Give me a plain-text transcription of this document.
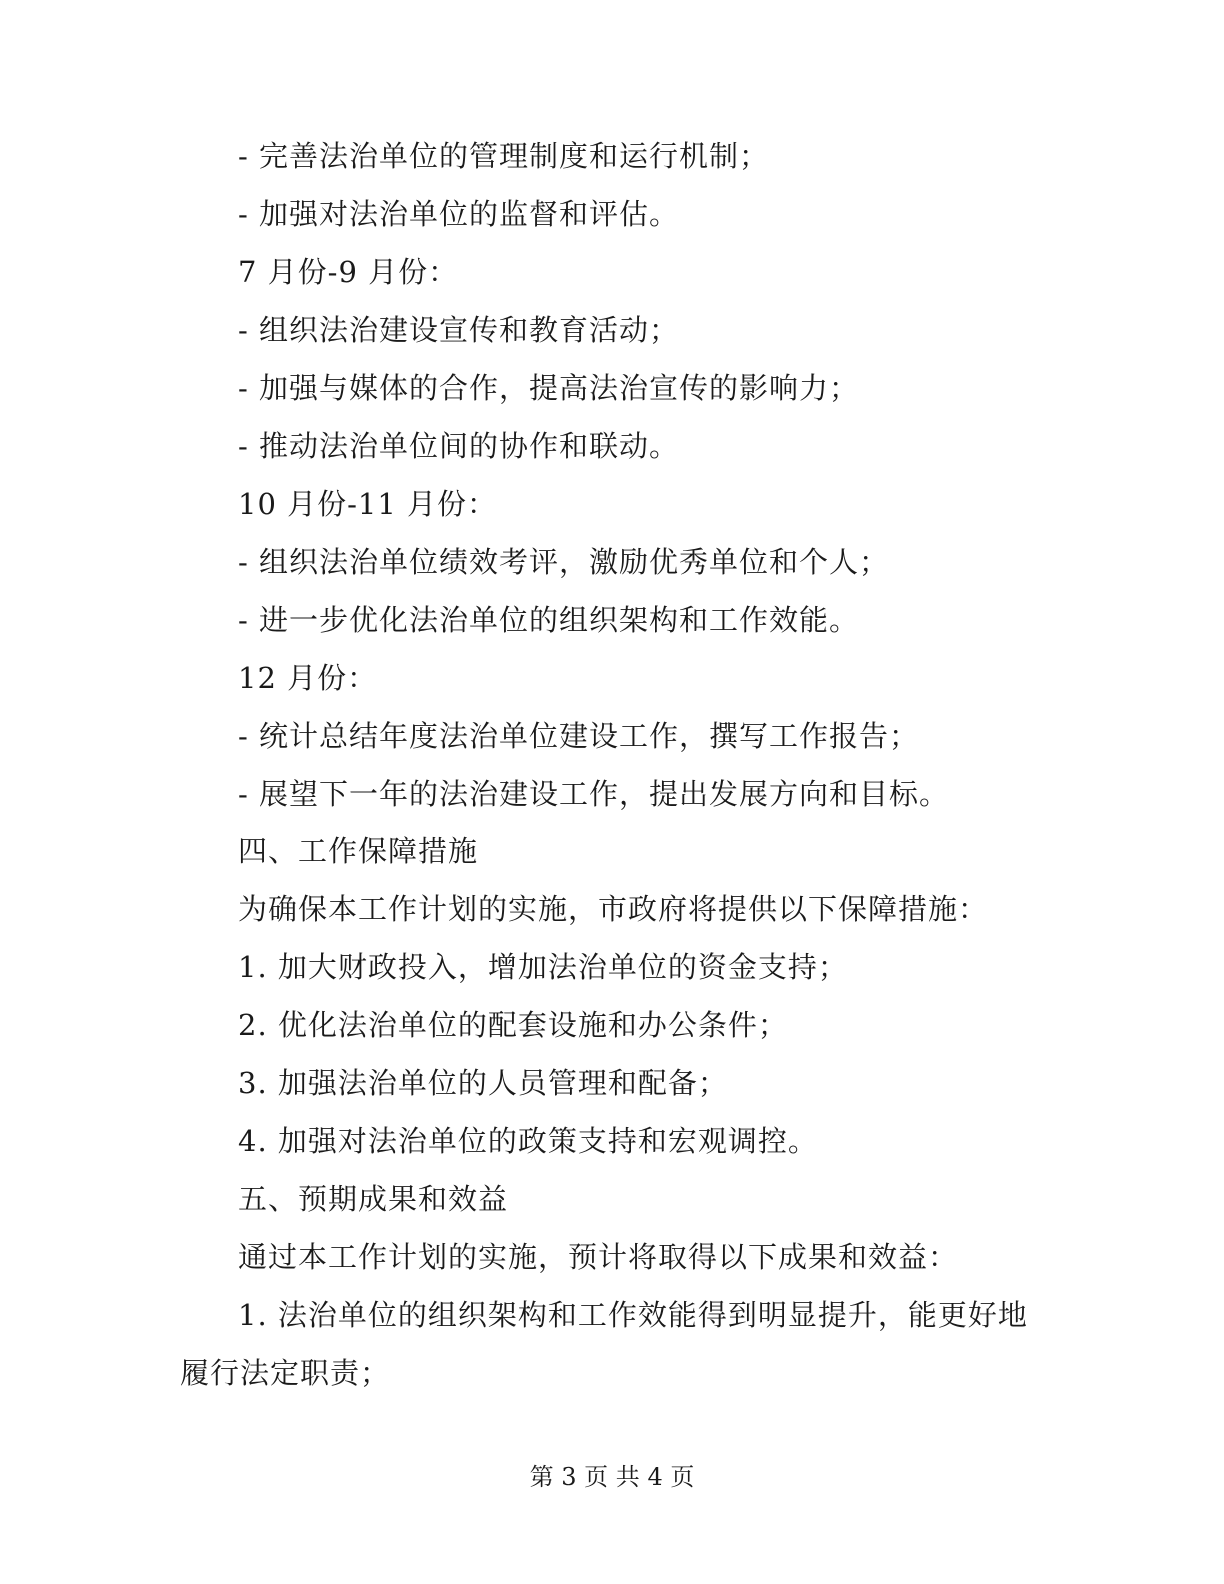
- 完善法治单位的管理制度和运行机制；
- 加强对法治单位的监督和评估。
7 月份-9 月份：
- 组织法治建设宣传和教育活动；
- 加强与媒体的合作，提高法治宣传的影响力；
- 推动法治单位间的协作和联动。
10 月份-11 月份：
- 组织法治单位绩效考评，激励优秀单位和个人；
- 进一步优化法治单位的组织架构和工作效能。
12 月份：
- 统计总结年度法治单位建设工作，撰写工作报告；
- 展望下一年的法治建设工作，提出发展方向和目标。
四、工作保障措施
为确保本工作计划的实施，市政府将提供以下保障措施：
1. 加大财政投入，增加法治单位的资金支持；
2. 优化法治单位的配套设施和办公条件；
3. 加强法治单位的人员管理和配备；
4. 加强对法治单位的政策支持和宏观调控。
五、预期成果和效益
通过本工作计划的实施，预计将取得以下成果和效益：
1. 法治单位的组织架构和工作效能得到明显提升，能更好地
履行法定职责；
第 3 页 共 4 页
